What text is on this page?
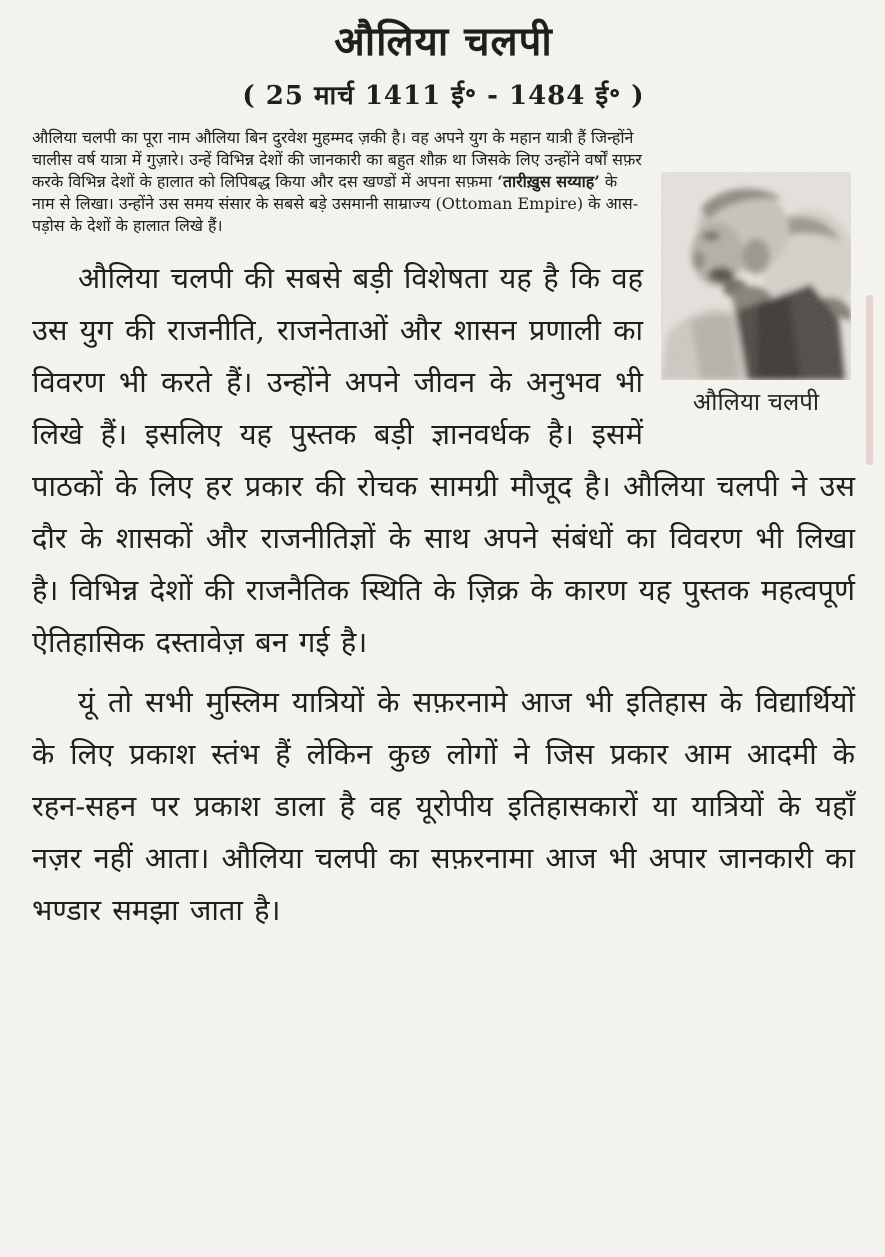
औलिया चलपी
( 25 मार्च 1411 ई॰ - 1484 ई॰ )

औलिया चलपी
औलिया चलपी का पूरा नाम औलिया बिन दुरवेश मुहम्मद ज़की है। वह अपने युग के महान यात्री हैं जिन्होंने चालीस वर्ष यात्रा में गुज़ारे। उन्हें विभिन्न देशों की जानकारी का बहुत शौक़ था जिसके लिए उन्होंने वर्षों सफ़र करके विभिन्न देशों के हालात को लिपिबद्ध किया और दस खण्डों में अपना सफ़मा ‘तारीख़ुस सय्याह’ के नाम से लिखा। उन्होंने उस समय संसार के सबसे बड़े उसमानी साम्राज्य (Ottoman Empire) के आस-पड़ोस के देशों के हालात लिखे हैं।

औलिया चलपी की सबसे बड़ी विशेषता यह है कि वह उस युग की राजनीति, राजनेताओं और शासन प्रणाली का विवरण भी करते हैं। उन्होंने अपने जीवन के अनुभव भी लिखे हैं। इसलिए यह पुस्तक बड़ी ज्ञानवर्धक है। इसमें पाठकों के लिए हर प्रकार की रोचक सामग्री मौजूद है। औलिया चलपी ने उस दौर के शासकों और राजनीतिज्ञों के साथ अपने संबंधों का विवरण भी लिखा है। विभिन्न देशों की राजनैतिक स्थिति के ज़िक्र के कारण यह पुस्तक महत्वपूर्ण ऐतिहासिक दस्तावेज़ बन गई है।

यूं तो सभी मुस्लिम यात्रियों के सफ़रनामे आज भी इतिहास के विद्यार्थियों के लिए प्रकाश स्तंभ हैं लेकिन कुछ लोगों ने जिस प्रकार आम आदमी के रहन-सहन पर प्रकाश डाला है वह यूरोपीय इतिहासकारों या यात्रियों के यहाँ नज़र नहीं आता। औलिया चलपी का सफ़रनामा आज भी अपार जानकारी का भण्डार समझा जाता है।
